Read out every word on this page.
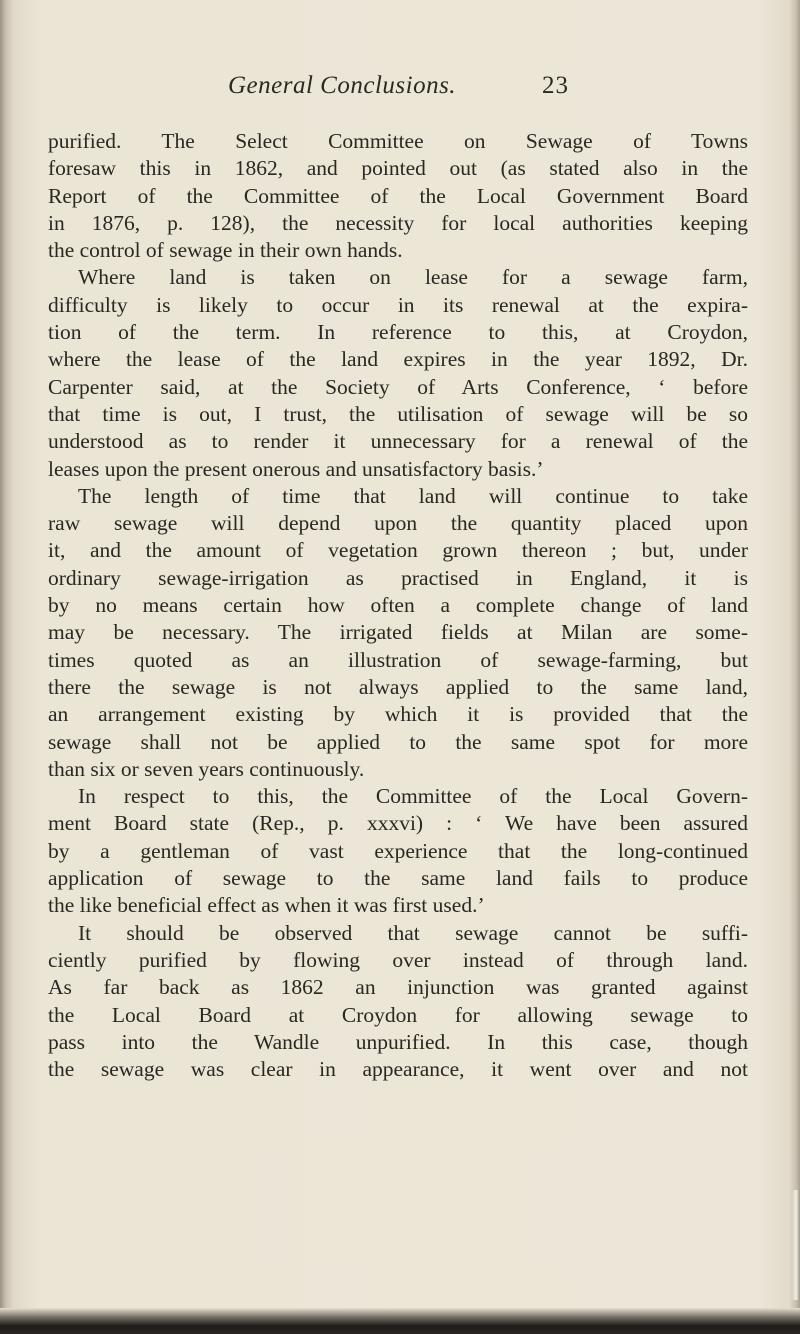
General Conclusions.	23
purified. The Select Committee on Sewage of Towns
foresaw this in 1862, and pointed out (as stated also in the
Report of the Committee of the Local Government Board
in 1876, p. 128), the necessity for local authorities keeping
the control of sewage in their own hands.
Where land is taken on lease for a sewage farm,
difficulty is likely to occur in its renewal at the expira-
tion of the term. In reference to this, at Croydon,
where the lease of the land expires in the year 1892, Dr.
Carpenter said, at the Society of Arts Conference, ‘ before
that time is out, I trust, the utilisation of sewage will be so
understood as to render it unnecessary for a renewal of the
leases upon the present onerous and unsatisfactory basis.’
The length of time that land will continue to take
raw sewage will depend upon the quantity placed upon
it, and the amount of vegetation grown thereon ; but, under
ordinary sewage-irrigation as practised in England, it is
by no means certain how often a complete change of land
may be necessary. The irrigated fields at Milan are some-
times quoted as an illustration of sewage-farming, but
there the sewage is not always applied to the same land,
an arrangement existing by which it is provided that the
sewage shall not be applied to the same spot for more
than six or seven years continuously.
In respect to this, the Committee of the Local Govern-
ment Board state (Rep., p. xxxvi) : ‘ We have been assured
by a gentleman of vast experience that the long-continued
application of sewage to the same land fails to produce
the like beneficial effect as when it was first used.’
It should be observed that sewage cannot be suffi-
ciently purified by flowing over instead of through land.
As far back as 1862 an injunction was granted against
the Local Board at Croydon for allowing sewage to
pass into the Wandle unpurified. In this case, though
the sewage was clear in appearance, it went over and not
